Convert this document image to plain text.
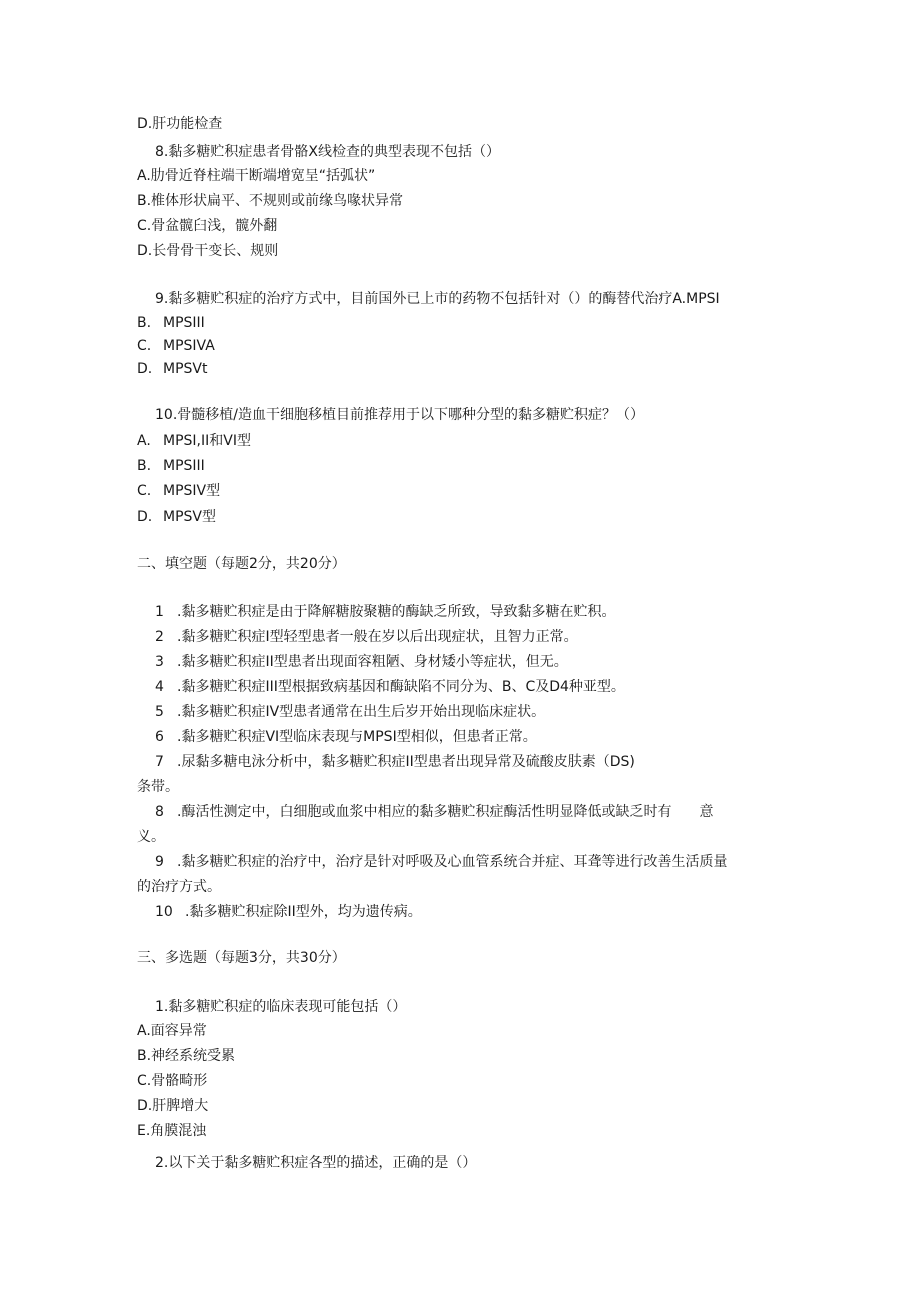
D.肝功能检查
8.黏多糖贮积症患者骨骼X线检查的典型表现不包括（）
A.肋骨近脊柱端干断端增宽呈“括弧状”
B.椎体形状扁平、不规则或前缘鸟喙状异常
C.骨盆髋臼浅，髋外翻
D.长骨骨干变长、规则
9.黏多糖贮积症的治疗方式中，目前国外已上市的药物不包括针对（）的酶替代治疗A.MPSI
B. MPSIII
C. MPSIVA
D. MPSVt
10.骨髓移植/造血干细胞移植目前推荐用于以下哪种分型的黏多糖贮积症？（）
A. MPSI,II和VI型
B. MPSIII
C. MPSIV型
D. MPSV型
二、填空题（每题2分，共20分）
1 .黏多糖贮积症是由于降解糖胺聚糖的酶缺乏所致，导致黏多糖在贮积。
2 .黏多糖贮积症I型轻型患者一般在岁以后出现症状，且智力正常。
3 .黏多糖贮积症II型患者出现面容粗陋、身材矮小等症状，但无。
4 .黏多糖贮积症III型根据致病基因和酶缺陷不同分为、B、C及D4种亚型。
5 .黏多糖贮积症IV型患者通常在出生后岁开始出现临床症状。
6 .黏多糖贮积症VI型临床表现与MPSI型相似，但患者正常。
7 .尿黏多糖电泳分析中，黏多糖贮积症II型患者出现异常及硫酸皮肤素（DS)
条带。
8 .酶活性测定中，白细胞或血浆中相应的黏多糖贮积症酶活性明显降低或缺乏时有　　意
义。
9 .黏多糖贮积症的治疗中，治疗是针对呼吸及心血管系统合并症、耳聋等进行改善生活质量
的治疗方式。
10 .黏多糖贮积症除II型外，均为遗传病。
三、多选题（每题3分，共30分）
1.黏多糖贮积症的临床表现可能包括（）
A.面容异常
B.神经系统受累
C.骨骼畸形
D.肝脾增大
E.角膜混浊
2.以下关于黏多糖贮积症各型的描述，正确的是（）
